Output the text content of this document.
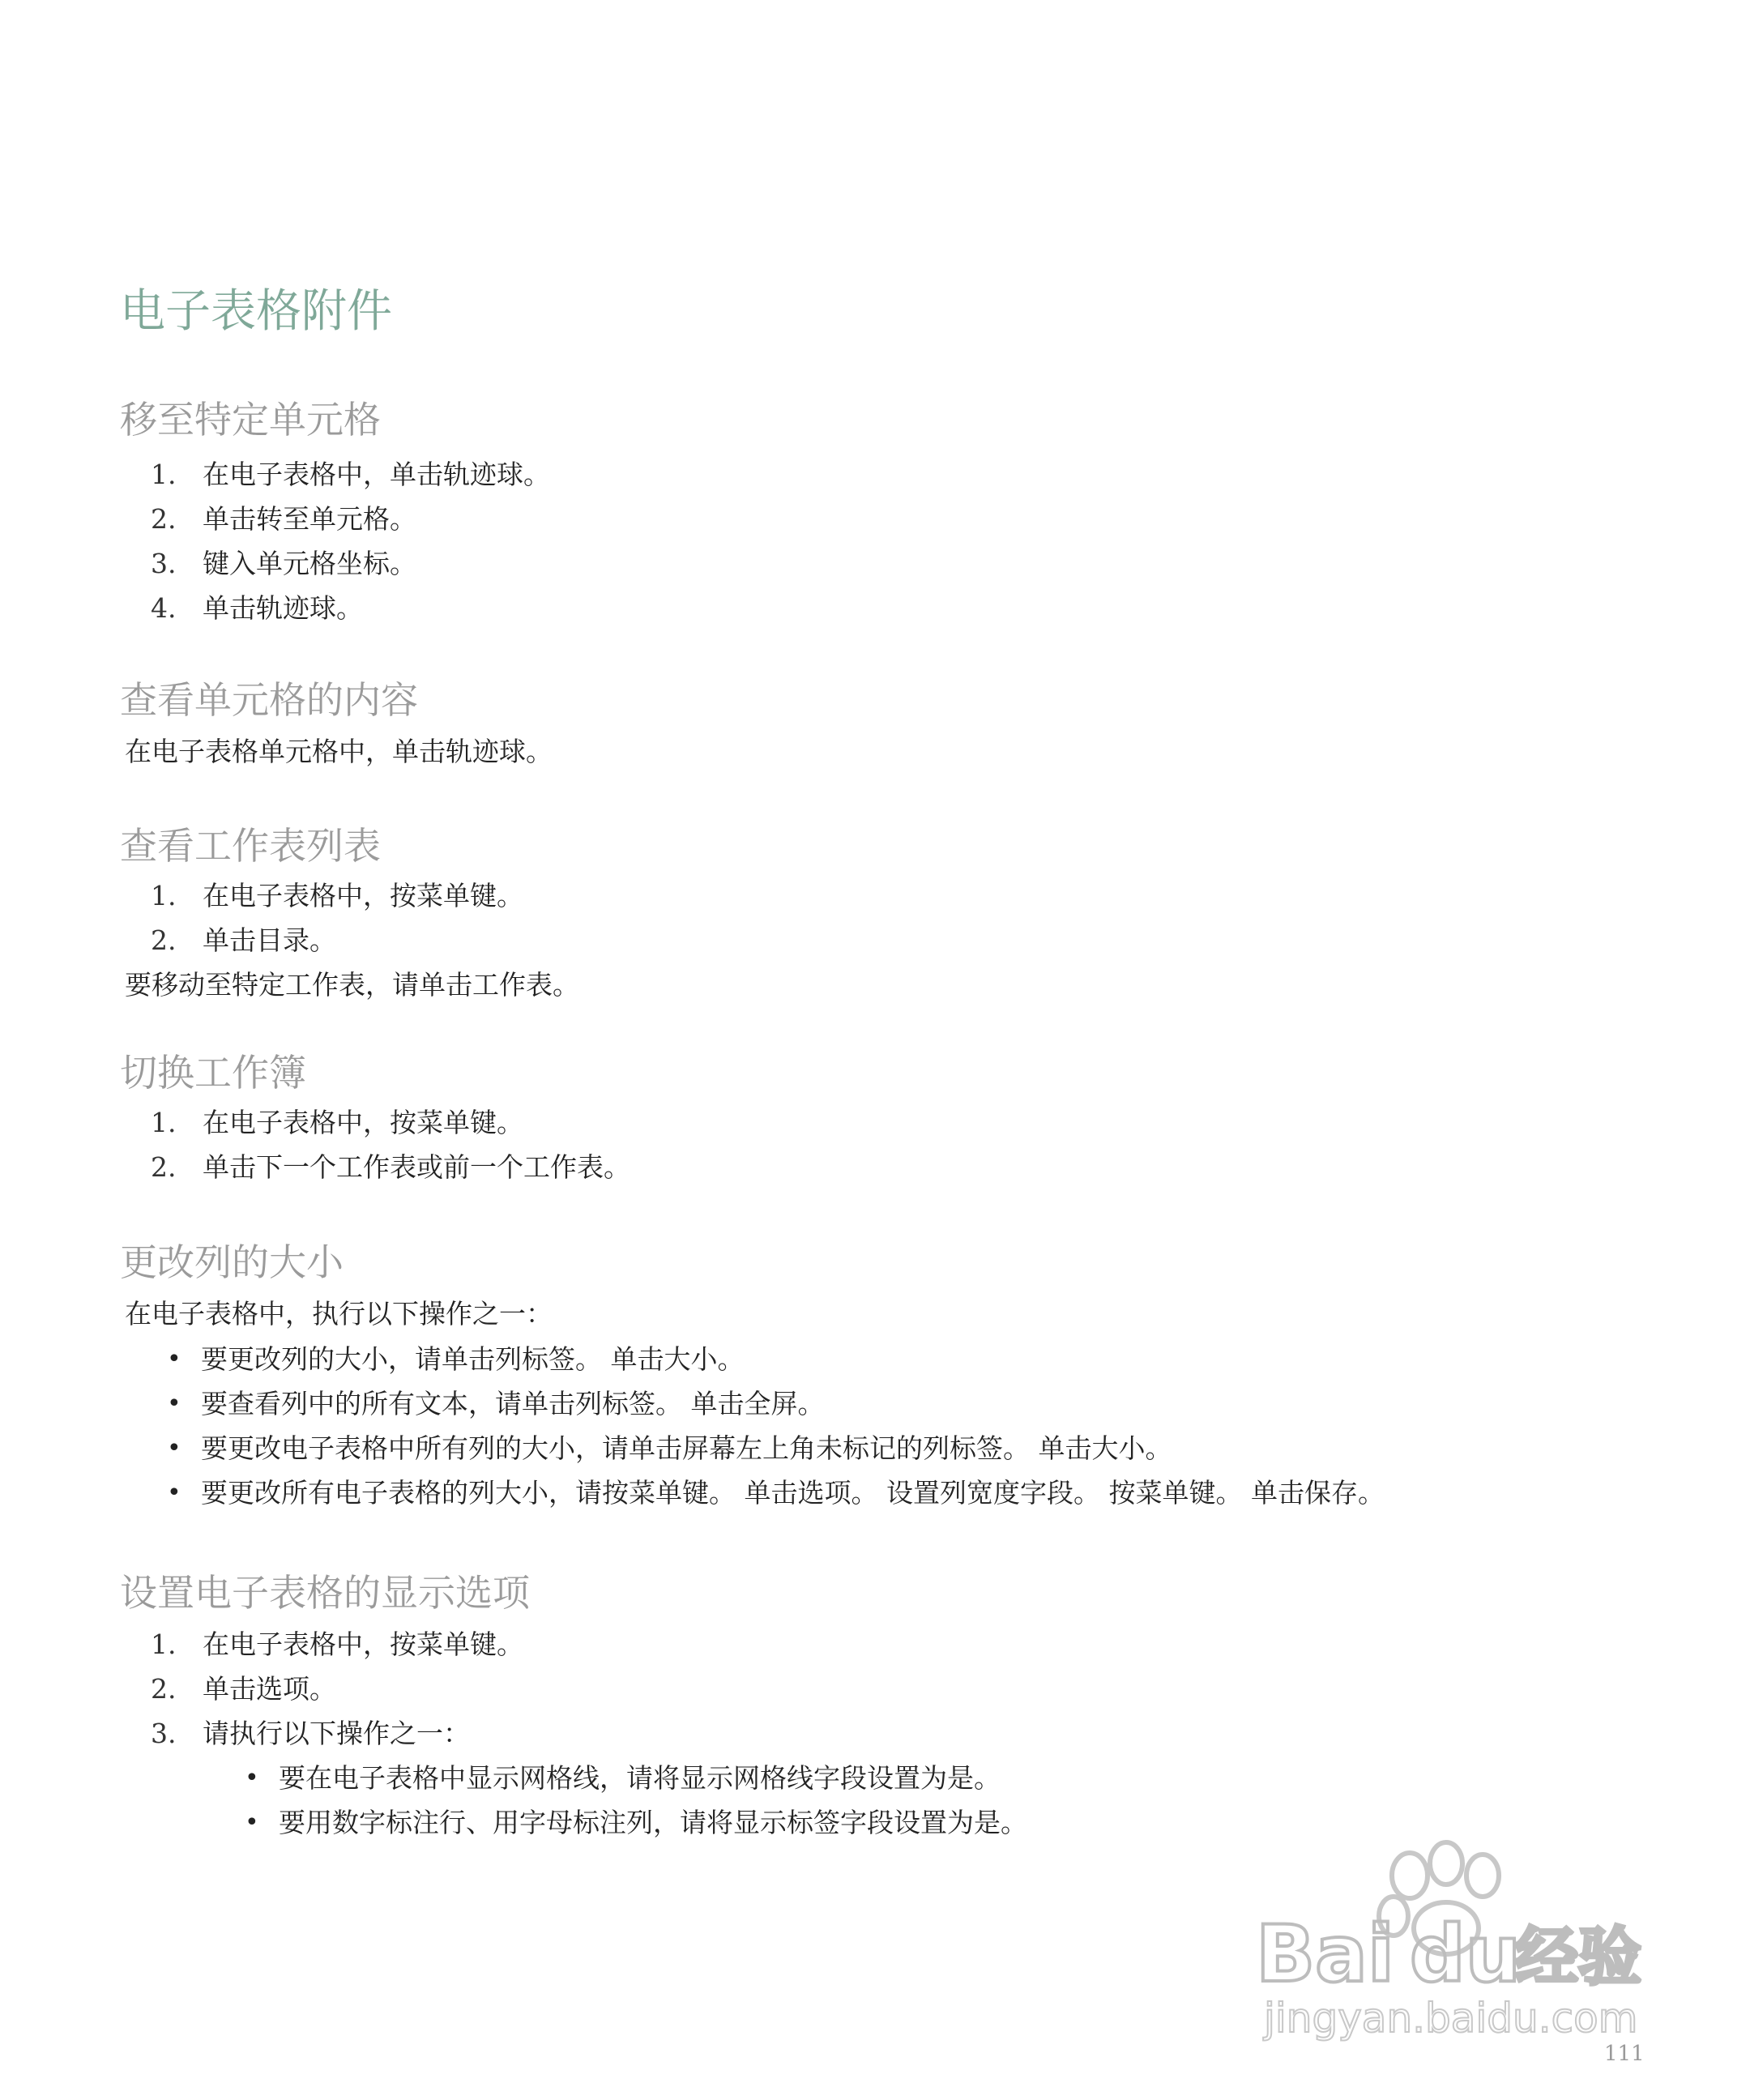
电子表格附件
移至特定单元格
1. 在电子表格中，单击轨迹球。
2. 单击转至单元格。
3. 键入单元格坐标。
4. 单击轨迹球。
查看单元格的内容

在电子表格单元格中，单击轨迹球。

查看工作表列表
1. 在电子表格中，按菜单键。
2. 单击目录。

要移动至特定工作表，请单击工作表。

切换工作簿
1. 在电子表格中，按菜单键。
2. 单击下一个工作表或前一个工作表。
更改列的大小

在电子表格中，执行以下操作之一：

• 要更改列的大小，请单击列标签。 单击大小。
• 要查看列中的所有文本，请单击列标签。 单击全屏。
• 要更改电子表格中所有列的大小，请单击屏幕左上角未标记的列标签。 单击大小。
• 要更改所有电子表格的列大小，请按菜单键。 单击选项。 设置列宽度字段。 按菜单键。 单击保存。
设置电子表格的显示选项
1. 在电子表格中，按菜单键。
2. 单击选项。
3. 请执行以下操作之一：
• 要在电子表格中显示网格线，请将显示网格线字段设置为是。
• 要用数字标注行、用字母标注列，请将显示标签字段设置为是。
Bai du
经验
jingyan.baidu.com
111
